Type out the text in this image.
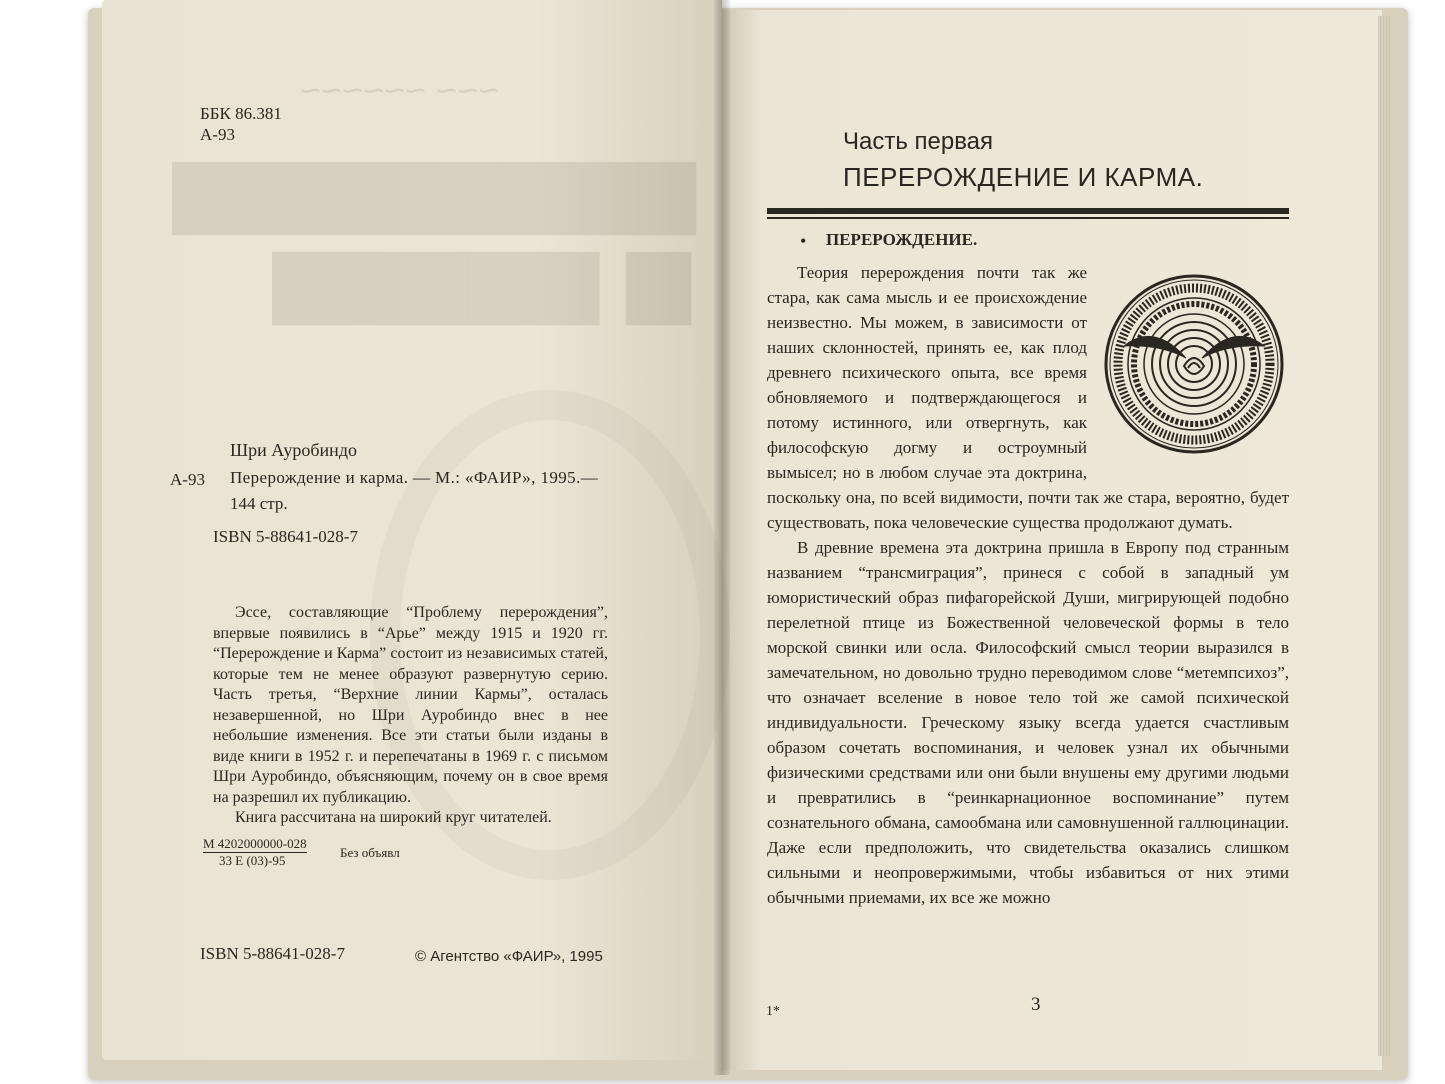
~~~ ~~~~~~
▆▆▆▆▆▆▆▆
▆ ▆▆▆▆▆
ББК 86.381
А-93
Шри Ауробиндо
А-93 Перерождение и карма. — М.: «ФАИР», 1995.—
144 стр.
ISBN 5-88641-028-7

Эссе, составляющие “Проблему перерождения”, впервые появились в “Арье” между 1915 и 1920 гг. “Перерождение и Карма” состоит из независимых статей, которые тем не менее образуют развернутую серию. Часть третья, “Верхние линии Кармы”, осталась незавершенной, но Шри Ауробиндо внес в нее небольшие изменения. Все эти статьи были изданы в виде книги в 1952 г. и перепечатаны в 1969 г. с письмом Шри Ауробиндо, объясняющим, почему он в свое время на разрешил их публикацию.

Книга рассчитана на широкий круг читателей.

М 4202000000-028
33 Е (03)-95
Без объявл
ISBN 5-88641-028-7	© Агентство «ФАИР», 1995
Часть первая
ПЕРЕРОЖДЕНИЕ И КАРМА.
• ПЕРЕРОЖДЕНИЕ.

Теория перерождения почти так же стара, как сама мысль и ее происхождение неизвестно. Мы можем, в зависимости от наших склонностей, принять ее, как плод древнего психического опыта, все время обновляемого и подтверждающегося и потому истинного, или отвергнуть, как философскую догму и остроумный вымысел; но в любом случае эта доктрина, поскольку она, по всей видимости, почти так же стара, вероятно, будет существовать, пока человеческие существа продолжают думать.

В древние времена эта доктрина пришла в Европу под странным названием “трансмиграция”, принеся с собой в западный ум юмористический образ пифагорейской Души, мигрирующей подобно перелетной птице из Божественной человеческой формы в тело морской свинки или осла. Философский смысл теории выразился в замечательном, но довольно трудно переводимом слове “метемпсихоз”, что означает вселение в новое тело той же самой психической индивидуальности. Греческому языку всегда удается счастливым образом сочетать воспоминания, и человек узнал их обычными физическими средствами или они были внушены ему другими людьми и превратились в “реинкарнационное воспоминание” путем сознательного обмана, самообмана или самовнушенной галлюцинации. Даже если предположить, что свидетельства оказались слишком сильными и неопровержимыми, чтобы избавиться от них этими обычными приемами, их все же можно

1*	3
